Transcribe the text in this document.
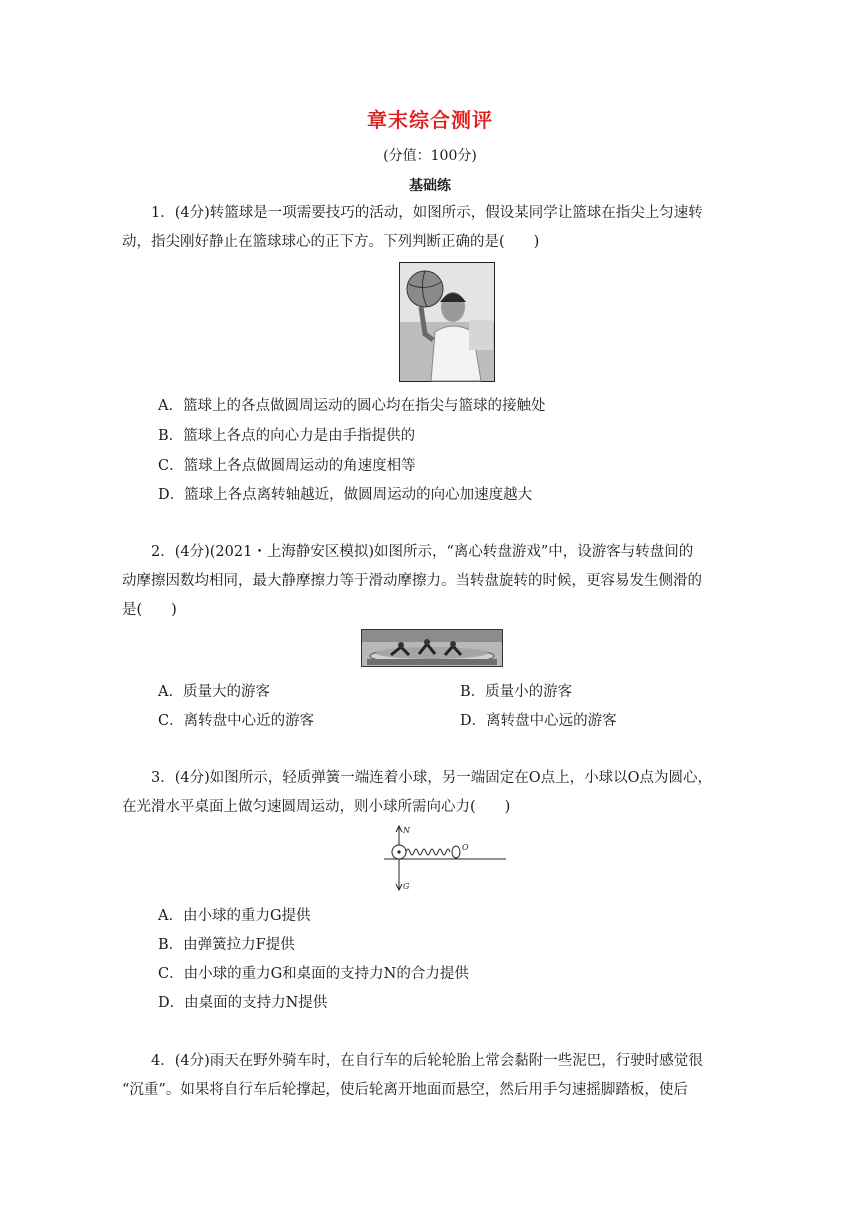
章末综合测评
(分值：100分)
基础练
1．(4分)转篮球是一项需要技巧的活动，如图所示，假设某同学让篮球在指尖上匀速转
动，指尖刚好静止在篮球球心的正下方。下列判断正确的是(　　)
A．篮球上的各点做圆周运动的圆心均在指尖与篮球的接触处
B．篮球上各点的向心力是由手指提供的
C．篮球上各点做圆周运动的角速度相等
D．篮球上各点离转轴越近，做圆周运动的向心加速度越大
2．(4分)(2021・上海静安区模拟)如图所示，“离心转盘游戏”中，设游客与转盘间的
动摩擦因数均相同，最大静摩擦力等于滑动摩擦力。当转盘旋转的时候，更容易发生侧滑的
是(　　)
A．质量大的游客	B．质量小的游客
C．离转盘中心近的游客	D．离转盘中心远的游客
3．(4分)如图所示，轻质弹簧一端连着小球，另一端固定在O点上，小球以O点为圆心，
在光滑水平桌面上做匀速圆周运动，则小球所需向心力(　　)
N
O
G
A．由小球的重力G提供
B．由弹簧拉力F提供
C．由小球的重力G和桌面的支持力N的合力提供
D．由桌面的支持力N提供
4．(4分)雨天在野外骑车时，在自行车的后轮轮胎上常会黏附一些泥巴，行驶时感觉很
“沉重”。如果将自行车后轮撑起，使后轮离开地面而悬空，然后用手匀速摇脚踏板，使后
